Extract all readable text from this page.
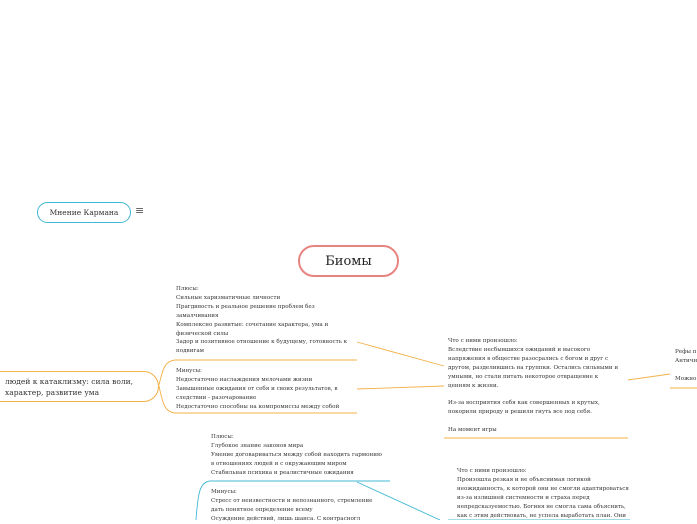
Мнение Кармана ≡
Биомы
людей к катаклизму: сила воли,
характер, развитие ума
Плюсы:
Сильные харизматичные личности
Прагдивость и реальное решение проблем без
замалчивания
Комплексно развитые: сочетание характера, ума и
физической силы
Задор и позитивное отношение к будущему, готовность к
подвигам
Минусы:
Недостаточно наслаждения мелочами жизни
Завышенные ожидания от себя и своих результатов, в
следствии - разочарование
Недостаточно способны на компромиссы между собой
Что с ними произошло:
Вследствие несбывшихся ожиданий и высокого
напряжения в обществе разосрались с богом и друг с
другом, разделившись на группки. Остались сильными и
умными, но стали питать некоторое отвращение к
ценням к жизни.

Из-за восприятия себя как совершенных и крутых,
покорили природу и решили гнуть все под себя.

На момент игры
Рефы п
Античн

Можно
Плюсы:
Глубокое знание законов мира
Умение договариваться между собой находить гармонию
в отношениях людей и с окружающим миром
Стабильная психика и реалистичные ожидания
Минусы:
Стресс от неизвестности и непознанного, стремление
дать понятное определение всему
Осуждение действий, лишь шанса. С контрасногл
Что с ними произошло:
Произошла резкая и не объяснимая логикой
неожиданность, к которой они не смогли адаптироваться
из-за излишней системности и страха перед
непредсказуемостью. Богиня не смогла сама объяснить,
как с этим действовать, не успела выработать план. Они
